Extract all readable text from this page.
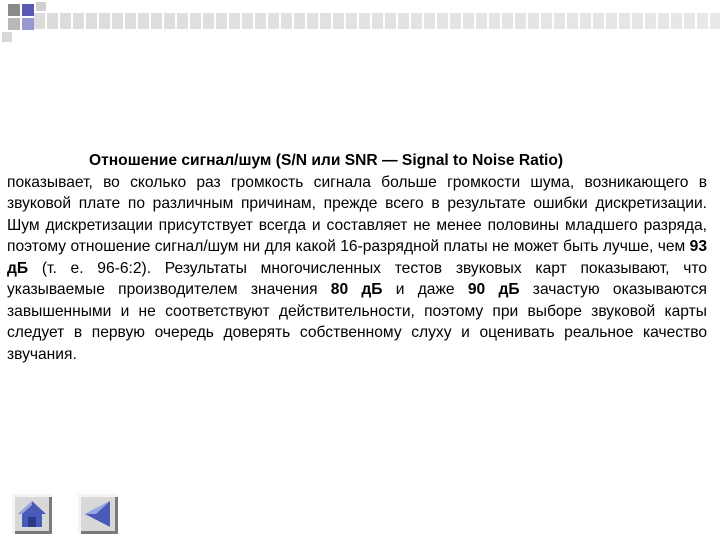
Отношение сигнал/шум (S/N или SNR — Signal to Noise Ratio)

показывает, во сколько раз громкость сигнала больше громкости шума, возникающего в звуковой плате по различным причинам, прежде всего в результате ошибки дискретизации. Шум дискретизации присутствует всегда и составляет не менее половины младшего разряда, поэтому отношение сигнал/шум ни для какой 16-разрядной платы не может быть лучше, чем 93 дБ (т. е. 96-6:2). Результаты многочисленных тестов звуковых карт показывают, что указываемые производителем значения 80 дБ и даже 90 дБ зачастую оказываются завышенными и не соответствуют действительности, поэтому при выборе звуковой карты следует в первую очередь доверять собственному слуху и оценивать реальное качество звучания.
